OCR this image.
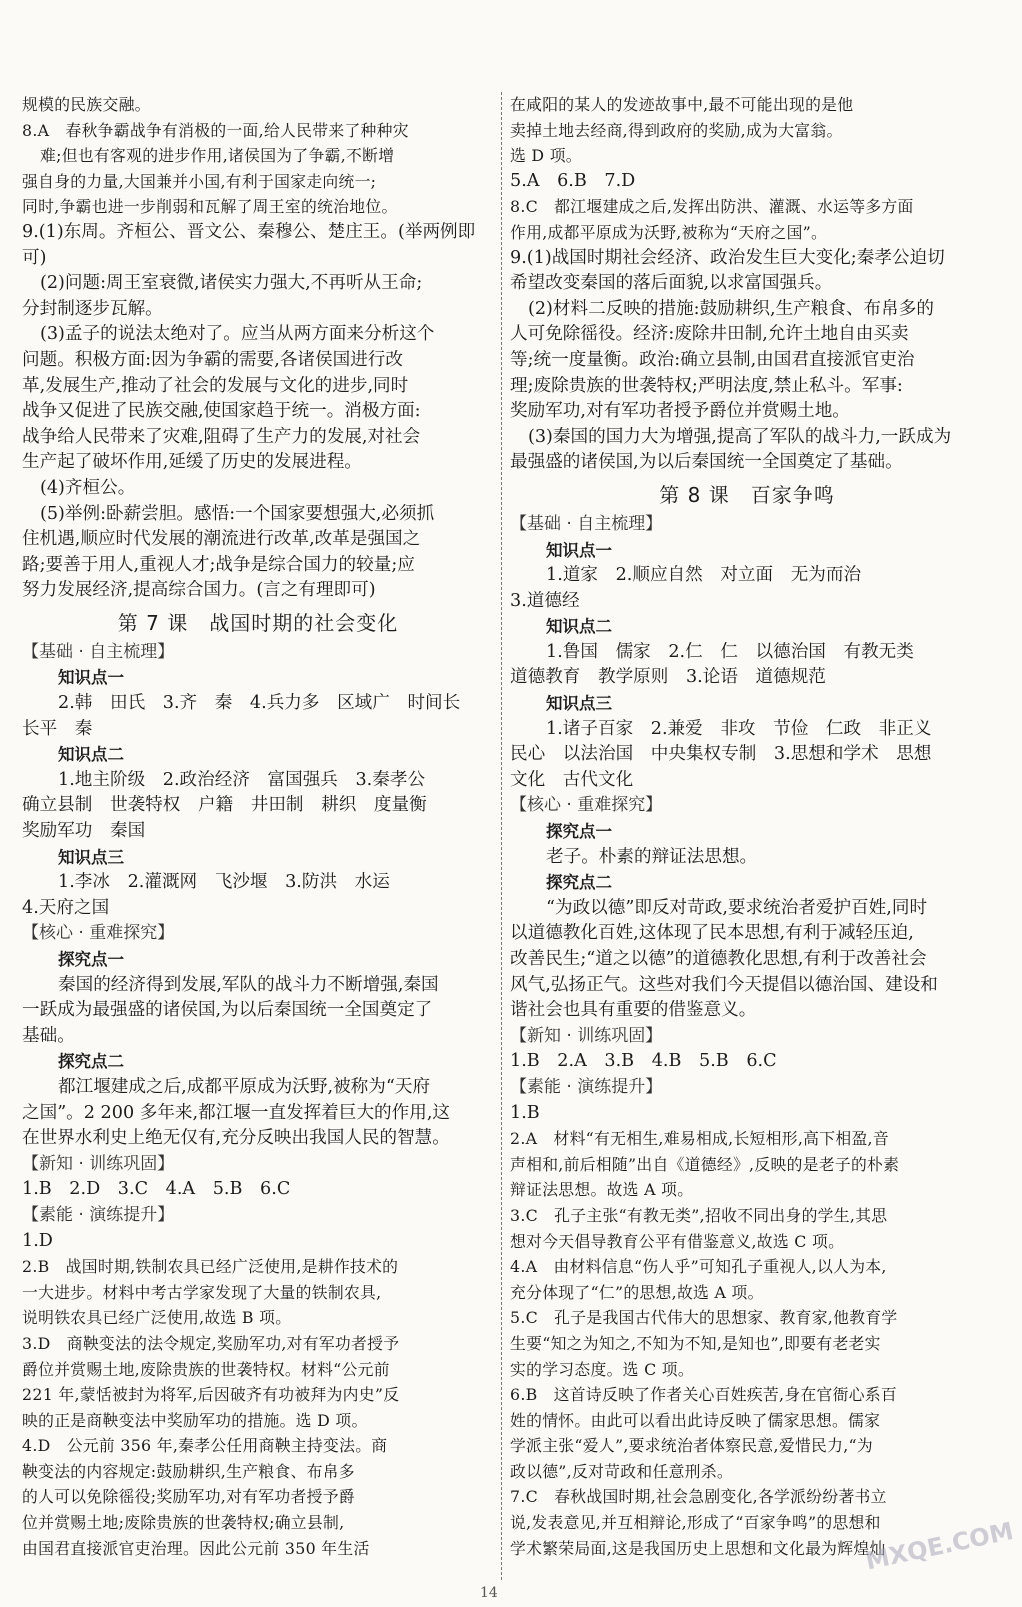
规模的民族交融。
8.A　春秋争霸战争有消极的一面,给人民带来了种种灾
难;但也有客观的进步作用,诸侯国为了争霸,不断增
强自身的力量,大国兼并小国,有利于国家走向统一;
同时,争霸也进一步削弱和瓦解了周王室的统治地位。
9.(1)东周。齐桓公、晋文公、秦穆公、楚庄王。(举两例即
可)
(2)问题:周王室衰微,诸侯实力强大,不再听从王命;
分封制逐步瓦解。
(3)孟子的说法太绝对了。应当从两方面来分析这个
问题。积极方面:因为争霸的需要,各诸侯国进行改
革,发展生产,推动了社会的发展与文化的进步,同时
战争又促进了民族交融,使国家趋于统一。消极方面:
战争给人民带来了灾难,阻碍了生产力的发展,对社会
生产起了破坏作用,延缓了历史的发展进程。
(4)齐桓公。
(5)举例:卧薪尝胆。感悟:一个国家要想强大,必须抓
住机遇,顺应时代发展的潮流进行改革,改革是强国之
路;要善于用人,重视人才;战争是综合国力的较量;应
努力发展经济,提高综合国力。(言之有理即可)
第 7 课　战国时期的社会变化
【基础 · 自主梳理】
知识点一
2.韩　田氏　3.齐　秦　4.兵力多　区域广　时间长
长平　秦
知识点二
1.地主阶级　2.政治经济　富国强兵　3.秦孝公
确立县制　世袭特权　户籍　井田制　耕织　度量衡
奖励军功　秦国
知识点三
1.李冰　2.灌溉网　飞沙堰　3.防洪　水运
4.天府之国
【核心 · 重难探究】
探究点一
秦国的经济得到发展,军队的战斗力不断增强,秦国
一跃成为最强盛的诸侯国,为以后秦国统一全国奠定了
基础。
探究点二
都江堰建成之后,成都平原成为沃野,被称为“天府
之国”。2 200 多年来,都江堰一直发挥着巨大的作用,这
在世界水利史上绝无仅有,充分反映出我国人民的智慧。
【新知 · 训练巩固】
1.B　2.D　3.C　4.A　5.B　6.C
【素能 · 演练提升】
1.D
2.B　战国时期,铁制农具已经广泛使用,是耕作技术的
一大进步。材料中考古学家发现了大量的铁制农具,
说明铁农具已经广泛使用,故选 B 项。
3.D　商鞅变法的法令规定,奖励军功,对有军功者授予
爵位并赏赐土地,废除贵族的世袭特权。材料“公元前
221 年,蒙恬被封为将军,后因破齐有功被拜为内史”反
映的正是商鞅变法中奖励军功的措施。选 D 项。
4.D　公元前 356 年,秦孝公任用商鞅主持变法。商
鞅变法的内容规定:鼓励耕织,生产粮食、布帛多
的人可以免除徭役;奖励军功,对有军功者授予爵
位并赏赐土地;废除贵族的世袭特权;确立县制,
由国君直接派官吏治理。因此公元前 350 年生活
在咸阳的某人的发迹故事中,最不可能出现的是他
卖掉土地去经商,得到政府的奖励,成为大富翁。
选 D 项。
5.A　6.B　7.D
8.C　都江堰建成之后,发挥出防洪、灌溉、水运等多方面
作用,成都平原成为沃野,被称为“天府之国”。
9.(1)战国时期社会经济、政治发生巨大变化;秦孝公迫切
希望改变秦国的落后面貌,以求富国强兵。
(2)材料二反映的措施:鼓励耕织,生产粮食、布帛多的
人可免除徭役。经济:废除井田制,允许土地自由买卖
等;统一度量衡。政治:确立县制,由国君直接派官吏治
理;废除贵族的世袭特权;严明法度,禁止私斗。军事:
奖励军功,对有军功者授予爵位并赏赐土地。
(3)秦国的国力大为增强,提高了军队的战斗力,一跃成为
最强盛的诸侯国,为以后秦国统一全国奠定了基础。
第 8 课　百家争鸣
【基础 · 自主梳理】
知识点一
1.道家　2.顺应自然　对立面　无为而治
3.道德经
知识点二
1.鲁国　儒家　2.仁　仁　以德治国　有教无类
道德教育　教学原则　3.论语　道德规范
知识点三
1.诸子百家　2.兼爱　非攻　节俭　仁政　非正义
民心　以法治国　中央集权专制　3.思想和学术　思想
文化　古代文化
【核心 · 重难探究】
探究点一
老子。朴素的辩证法思想。
探究点二
“为政以德”即反对苛政,要求统治者爱护百姓,同时
以道德教化百姓,这体现了民本思想,有利于减轻压迫,
改善民生;“道之以德”的道德教化思想,有利于改善社会
风气,弘扬正气。这些对我们今天提倡以德治国、建设和
谐社会也具有重要的借鉴意义。
【新知 · 训练巩固】
1.B　2.A　3.B　4.B　5.B　6.C
【素能 · 演练提升】
1.B
2.A　材料“有无相生,难易相成,长短相形,高下相盈,音
声相和,前后相随”出自《道德经》,反映的是老子的朴素
辩证法思想。故选 A 项。
3.C　孔子主张“有教无类”,招收不同出身的学生,其思
想对今天倡导教育公平有借鉴意义,故选 C 项。
4.A　由材料信息“伤人乎”可知孔子重视人,以人为本,
充分体现了“仁”的思想,故选 A 项。
5.C　孔子是我国古代伟大的思想家、教育家,他教育学
生要“知之为知之,不知为不知,是知也”,即要有老老实
实的学习态度。选 C 项。
6.B　这首诗反映了作者关心百姓疾苦,身在官衙心系百
姓的情怀。由此可以看出此诗反映了儒家思想。儒家
学派主张“爱人”,要求统治者体察民意,爱惜民力,“为
政以德”,反对苛政和任意刑杀。
7.C　春秋战国时期,社会急剧变化,各学派纷纷著书立
说,发表意见,并互相辩论,形成了“百家争鸣”的思想和
学术繁荣局面,这是我国历史上思想和文化最为辉煌灿
14
MXQE.COM
